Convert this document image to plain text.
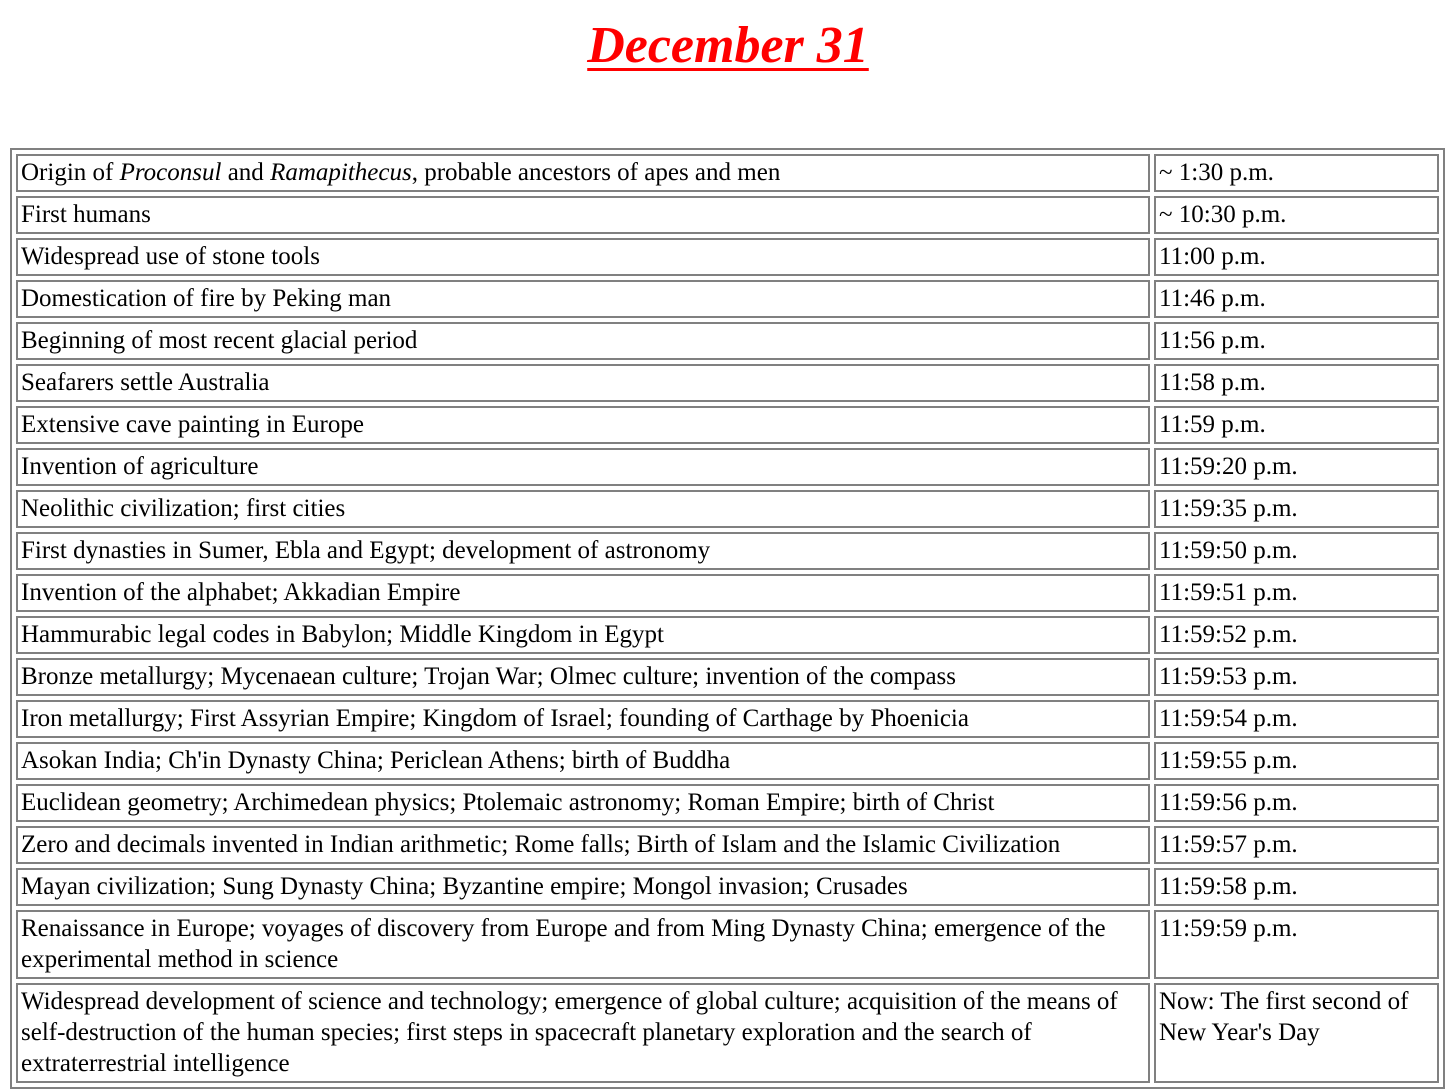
December 31
Origin of Proconsul and Ramapithecus, probable ancestors of apes and men	~ 1:30 p.m.
First humans	~ 10:30 p.m.
Widespread use of stone tools	11:00 p.m.
Domestication of fire by Peking man	11:46 p.m.
Beginning of most recent glacial period	11:56 p.m.
Seafarers settle Australia	11:58 p.m.
Extensive cave painting in Europe	11:59 p.m.
Invention of agriculture	11:59:20 p.m.
Neolithic civilization; first cities	11:59:35 p.m.
First dynasties in Sumer, Ebla and Egypt; development of astronomy	11:59:50 p.m.
Invention of the alphabet; Akkadian Empire	11:59:51 p.m.
Hammurabic legal codes in Babylon; Middle Kingdom in Egypt	11:59:52 p.m.
Bronze metallurgy; Mycenaean culture; Trojan War; Olmec culture; invention of the compass	11:59:53 p.m.
Iron metallurgy; First Assyrian Empire; Kingdom of Israel; founding of Carthage by Phoenicia	11:59:54 p.m.
Asokan India; Ch'in Dynasty China; Periclean Athens; birth of Buddha	11:59:55 p.m.
Euclidean geometry; Archimedean physics; Ptolemaic astronomy; Roman Empire; birth of Christ	11:59:56 p.m.
Zero and decimals invented in Indian arithmetic; Rome falls; Birth of Islam and the Islamic Civilization	11:59:57 p.m.
Mayan civilization; Sung Dynasty China; Byzantine empire; Mongol invasion; Crusades	11:59:58 p.m.
Renaissance in Europe; voyages of discovery from Europe and from Ming Dynasty China; emergence of the experimental method in science	11:59:59 p.m.
Widespread development of science and technology; emergence of global culture; acquisition of the means of self-destruction of the human species; first steps in spacecraft planetary exploration and the search of extraterrestrial intelligence	Now: The first second of New Year's Day
